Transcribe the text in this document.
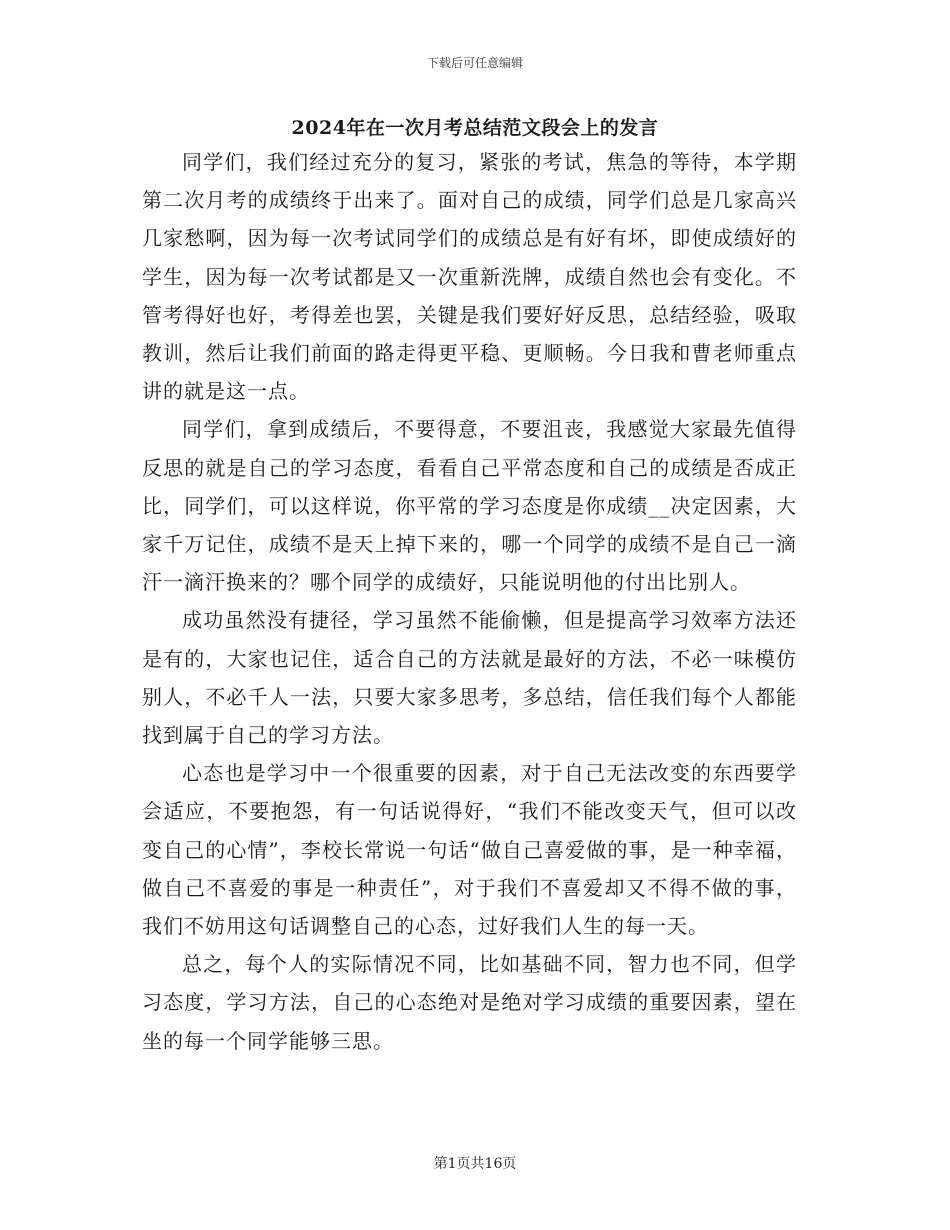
下载后可任意编辑
2024年在一次月考总结范文段会上的发言

同学们，我们经过充分的复习，紧张的考试，焦急的等待，本学期第二次月考的成绩终于出来了。面对自己的成绩，同学们总是几家高兴几家愁啊，因为每一次考试同学们的成绩总是有好有坏，即使成绩好的学生，因为每一次考试都是又一次重新洗牌，成绩自然也会有变化。不管考得好也好，考得差也罢，关键是我们要好好反思，总结经验，吸取教训，然后让我们前面的路走得更平稳、更顺畅。今日我和曹老师重点讲的就是这一点。

同学们，拿到成绩后，不要得意，不要沮丧，我感觉大家最先值得反思的就是自己的学习态度，看看自己平常态度和自己的成绩是否成正比，同学们，可以这样说，你平常的学习态度是你成绩__决定因素，大家千万记住，成绩不是天上掉下来的，哪一个同学的成绩不是自己一滴汗一滴汗换来的？哪个同学的成绩好，只能说明他的付出比别人。

成功虽然没有捷径，学习虽然不能偷懒，但是提高学习效率方法还是有的，大家也记住，适合自己的方法就是最好的方法，不必一味模仿别人，不必千人一法，只要大家多思考，多总结，信任我们每个人都能找到属于自己的学习方法。

心态也是学习中一个很重要的因素，对于自己无法改变的东西要学会适应，不要抱怨，有一句话说得好，“我们不能改变天气，但可以改变自己的心情”，李校长常说一句话“做自己喜爱做的事，是一种幸福，做自己不喜爱的事是一种责任”，对于我们不喜爱却又不得不做的事，我们不妨用这句话调整自己的心态，过好我们人生的每一天。

总之，每个人的实际情况不同，比如基础不同，智力也不同，但学习态度，学习方法，自己的心态绝对是绝对学习成绩的重要因素，望在坐的每一个同学能够三思。

第1页共16页
